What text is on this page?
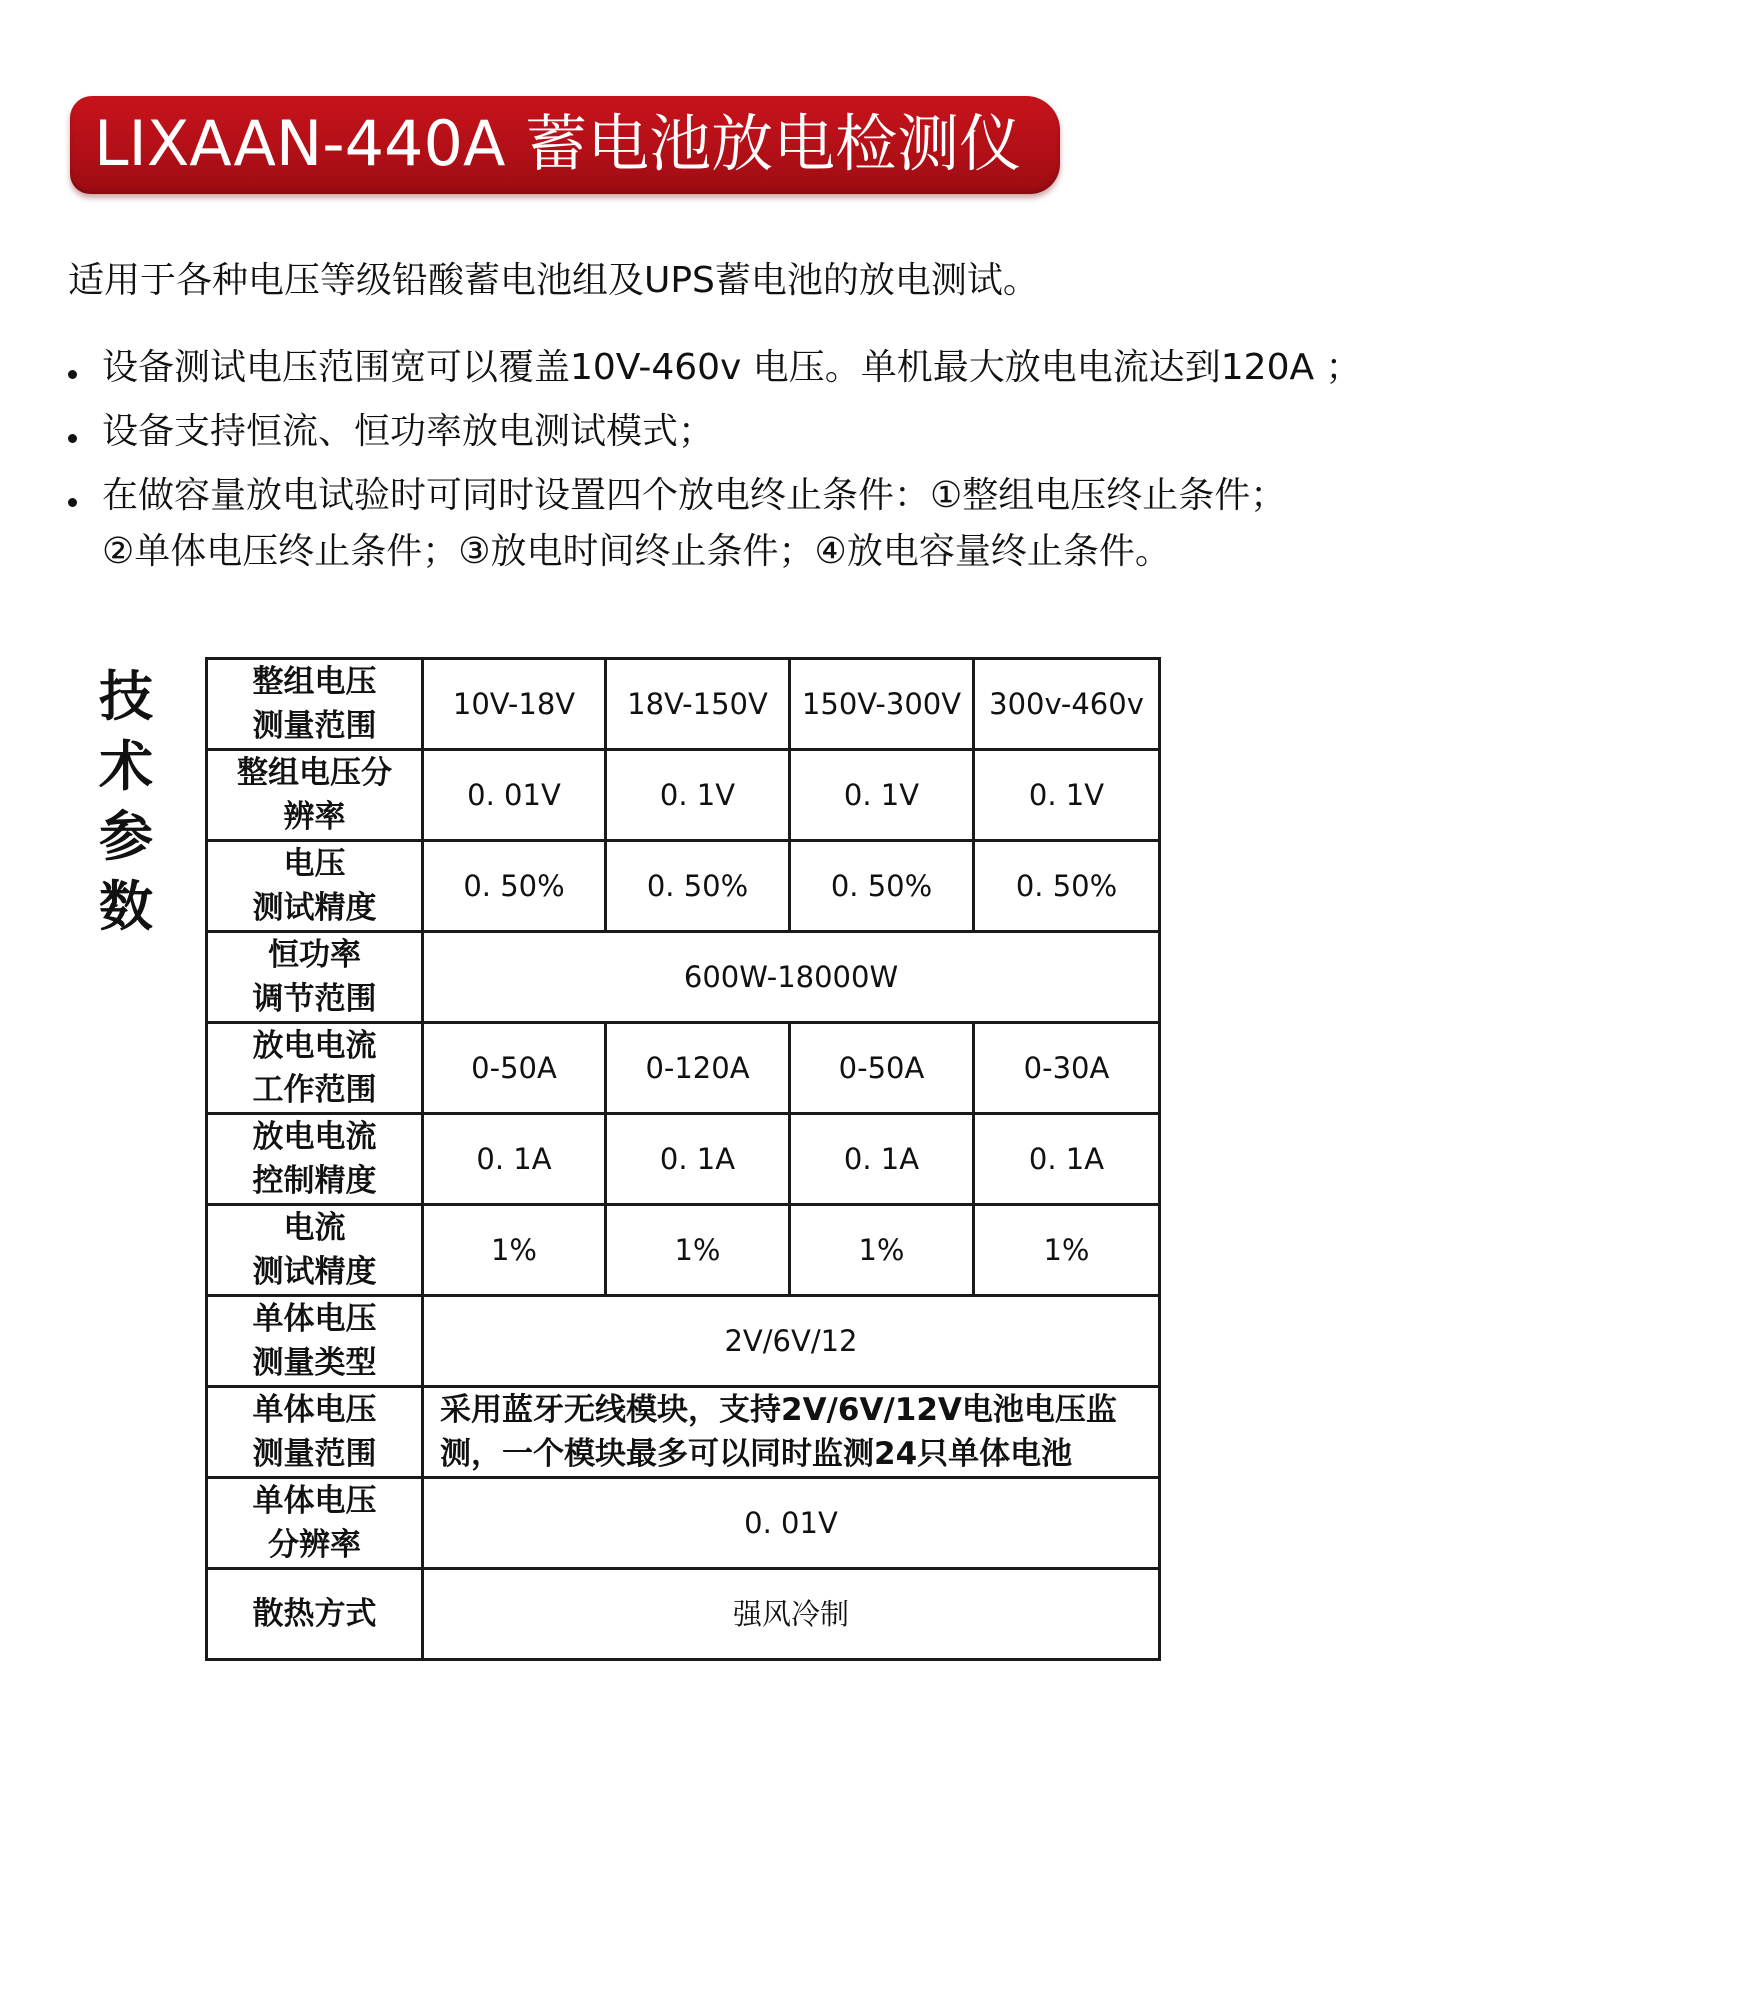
LIXAAN-440A 蓄电池放电检测仪
适用于各种电压等级铅酸蓄电池组及UPS蓄电池的放电测试。
设备测试电压范围宽可以覆盖10V-460v 电压。单机最大放电电流达到120A ；
设备支持恒流、恒功率放电测试模式；
在做容量放电试验时可同时设置四个放电终止条件：①整组电压终止条件；
②单体电压终止条件；③放电时间终止条件；④放电容量终止条件。
技
术
参
数
整组电压
测量范围	10V-18V	18V-150V	150V-300V	300v-460v
整组电压分
辨率	0. 01V	0. 1V	0. 1V	0. 1V
电压
测试精度	0. 50%	0. 50%	0. 50%	0. 50%
恒功率
调节范围	600W-18000W			
放电电流
工作范围	0-50A	0-120A	0-50A	0-30A
放电电流
控制精度	0. 1A	0. 1A	0. 1A	0. 1A
电流
测试精度	1%	1%	1%	1%
单体电压
测量类型	2V/6V/12			
单体电压
测量范围	采用蓝牙无线模块，支持2V/6V/12V电池电压监
测，一个模块最多可以同时监测24只单体电池			
单体电压
分辨率	0. 01V			
散热方式	强风冷制			
